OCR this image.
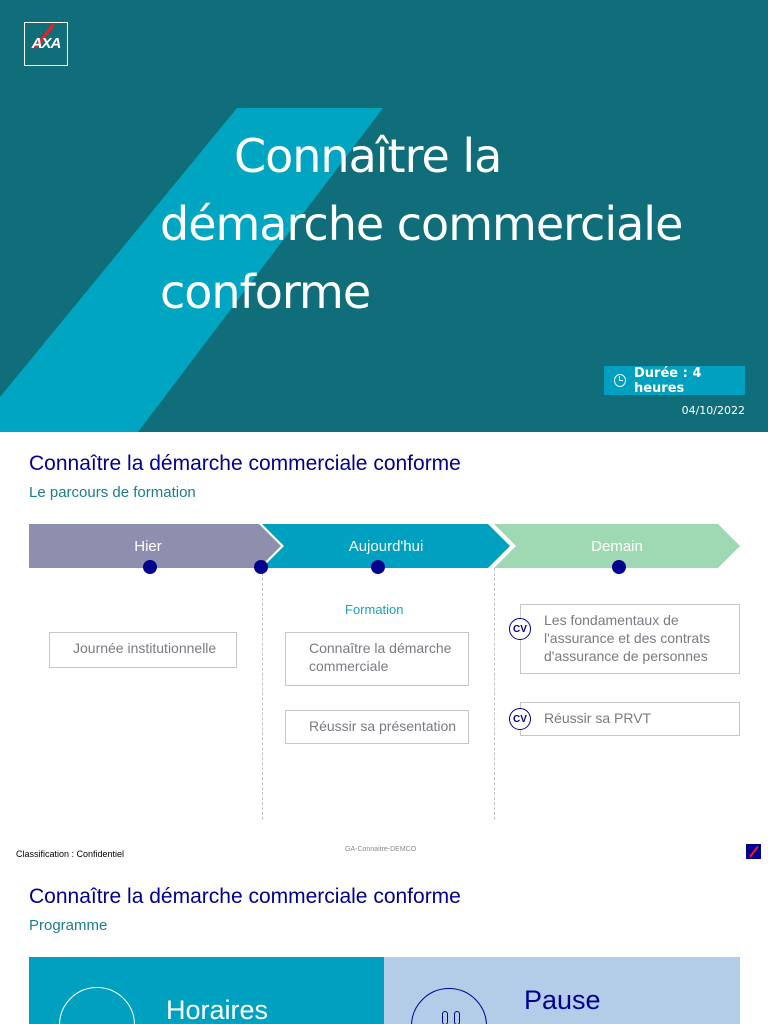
AXA
Connaître la
démarche commerciale
conforme
Durée : 4 heures
04/10/2022
Connaître la démarche commerciale conforme
Le parcours de formation
Hier	Aujourd'hui	Demain
Formation
Journée institutionnelle	Connaître la démarche commerciale
Réussir sa présentation
Les fondamentaux de l'assurance et des contrats d'assurance de personnes
Réussir sa PRVT
CV
CV
Classification : Confidentiel	GA-Connaitre-DEMCO
Connaître la démarche commerciale conforme
Programme
Horaires	Pause
